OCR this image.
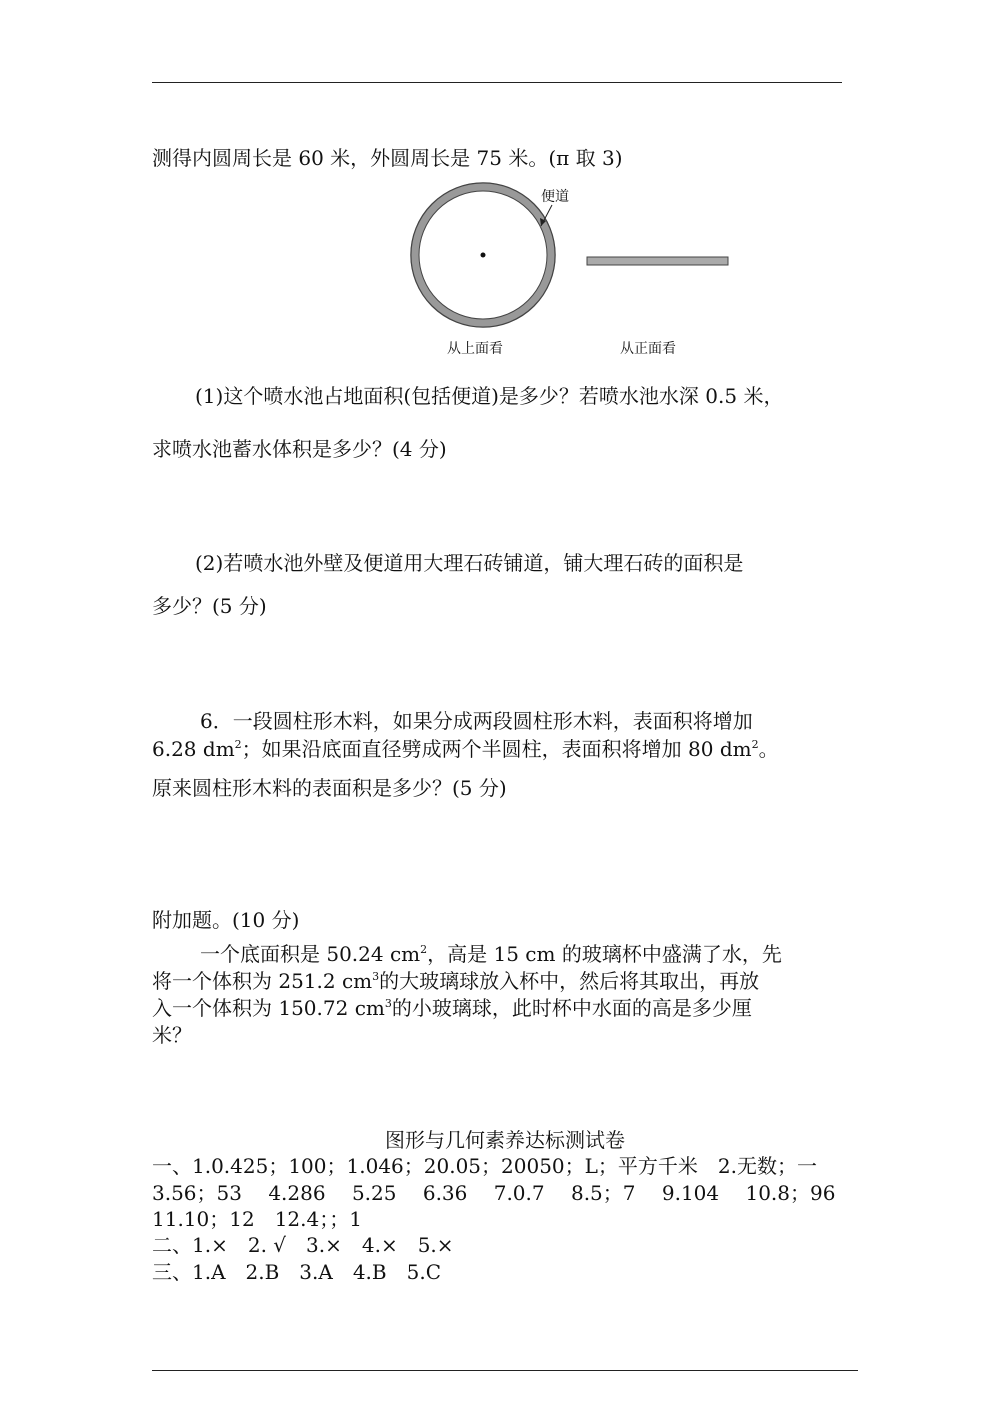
测得内圆周长是 60 米，外圆周长是 75 米。(π 取 3)
便道
从上面看	从正面看
(1)这个喷水池占地面积(包括便道)是多少？若喷水池水深 0.5 米，
求喷水池蓄水体积是多少？(4 分)
(2)若喷水池外壁及便道用大理石砖铺道，铺大理石砖的面积是
多少？(5 分)
6．一段圆柱形木料，如果分成两段圆柱形木料，表面积将增加
6.28 $dm^2$；如果沿底面直径劈成两个半圆柱，表面积将增加 80 $dm^2$。
原来圆柱形木料的表面积是多少？(5 分)
附加题。(10 分)
一个底面积是 50.24 $cm^2$，高是 15 cm 的玻璃杯中盛满了水，先
将一个体积为 251.2 $cm^3$的大玻璃球放入杯中，然后将其取出，再放
入一个体积为 150.72 $cm^3$的小玻璃球，此时杯中水面的高是多少厘
米？
图形与几何素养达标测试卷
一、1.0.425；100；1.046；20.05；20050；L；平方千米　2.无数；一
3.56；53　 4.286　 5.25　 6.36　 7.0.7　 8.5；7　 9.104　 10.8；96
11.10；12　12.4；；1
二、1.×　2. √　3.×　4.×　5.×
三、1.A　2.B　3.A　4.B　5.C
